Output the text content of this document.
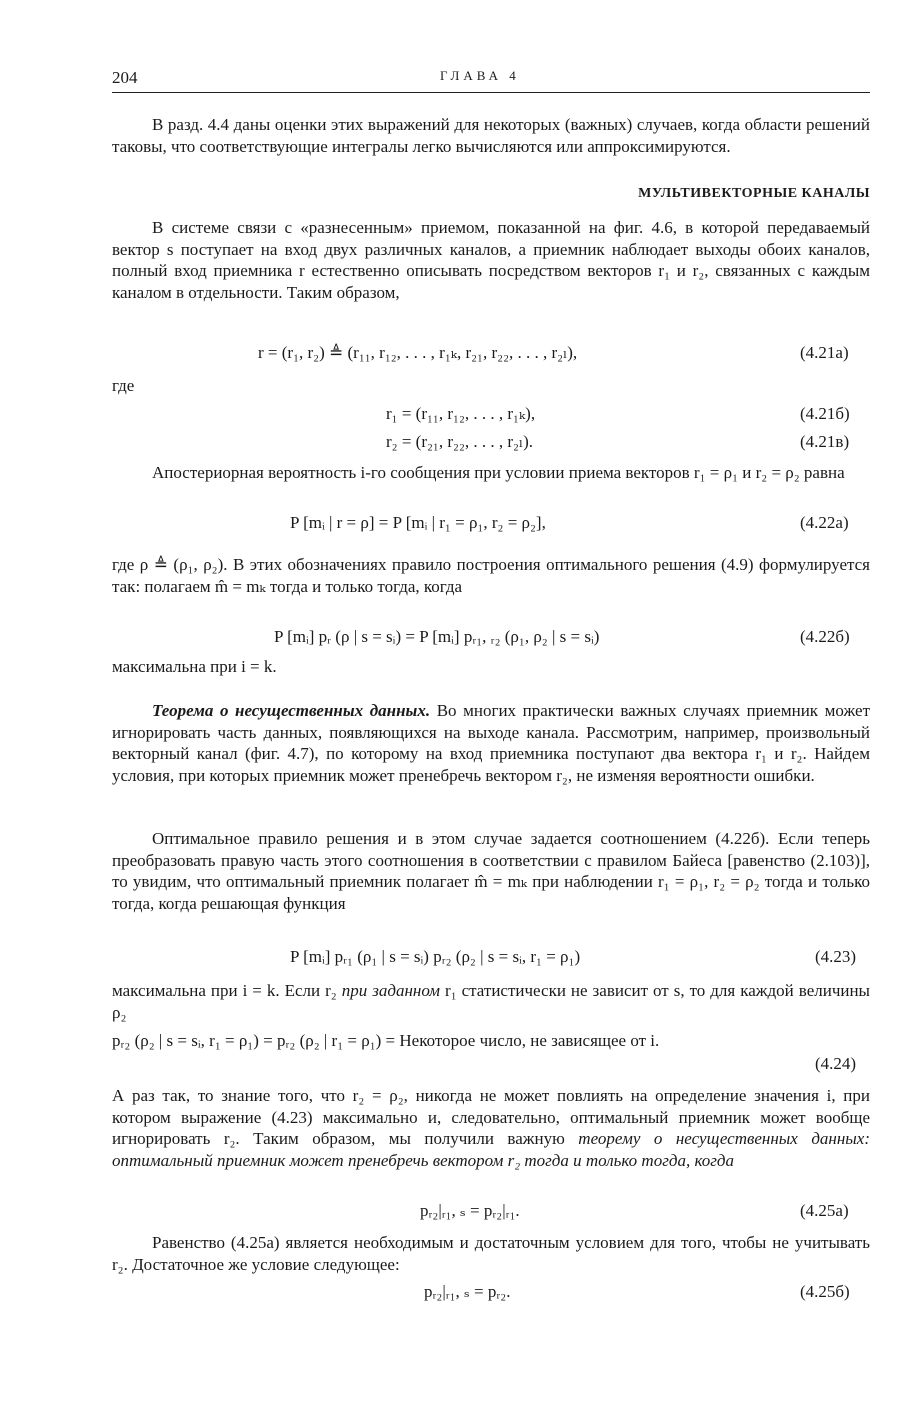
204	ГЛАВА 4
В разд. 4.4 даны оценки этих выражений для некоторых (важных) случаев, когда области решений таковы, что соответствующие интегралы легко вычисляются или аппроксимируются.
МУЛЬТИВЕКТОРНЫЕ КАНАЛЫ
В системе связи с «разнесенным» приемом, показанной на фиг. 4.6, в которой передаваемый вектор s поступает на вход двух различных каналов, а приемник наблюдает выходы обоих каналов, полный вход приемника r естественно описывать посредством векторов r₁ и r₂, связанных с каждым каналом в отдельности. Таким образом,
r = (r₁, r₂) ≜ (r₁₁, r₁₂, . . . , r₁ₖ, r₂₁, r₂₂, . . . , r₂ₗ),	(4.21а)
где
r₁ = (r₁₁, r₁₂, . . . , r₁ₖ),	(4.21б)
r₂ = (r₂₁, r₂₂, . . . , r₂ₗ).	(4.21в)
Апостериорная вероятность i-го сообщения при условии приема векторов r₁ = ρ₁ и r₂ = ρ₂ равна
P [mᵢ | r = ρ] = P [mᵢ | r₁ = ρ₁, r₂ = ρ₂],	(4.22а)
где ρ ≜ (ρ₁, ρ₂). В этих обозначениях правило построения оптимального решения (4.9) формулируется так: полагаем m̂ = mₖ тогда и только тогда, когда
P [mᵢ] pᵣ (ρ | s = sᵢ) = P [mᵢ] pᵣ₁, ᵣ₂ (ρ₁, ρ₂ | s = sᵢ)	(4.22б)
максимальна при i = k.
Теорема о несущественных данных. Во многих практически важных случаях приемник может игнорировать часть данных, появляющихся на выходе канала. Рассмотрим, например, произвольный векторный канал (фиг. 4.7), по которому на вход приемника поступают два вектора r₁ и r₂. Найдем условия, при которых приемник может пренебречь вектором r₂, не изменяя вероятности ошибки.
Оптимальное правило решения и в этом случае задается соотношением (4.22б). Если теперь преобразовать правую часть этого соотношения в соответствии с правилом Байеса [равенство (2.103)], то увидим, что оптимальный приемник полагает m̂ = mₖ при наблюдении r₁ = ρ₁, r₂ = ρ₂ тогда и только тогда, когда решающая функция
P [mᵢ] pᵣ₁ (ρ₁ | s = sᵢ) pᵣ₂ (ρ₂ | s = sᵢ, r₁ = ρ₁)	(4.23)
максимальна при i = k. Если r₂ при заданном r₁ статистически не зависит от s, то для каждой величины ρ₂
pᵣ₂ (ρ₂ | s = sᵢ, r₁ = ρ₁) = pᵣ₂ (ρ₂ | r₁ = ρ₁) = Некоторое число, не зависящее от i.
(4.24)
А раз так, то знание того, что r₂ = ρ₂, никогда не может повлиять на определение значения i, при котором выражение (4.23) максимально и, следовательно, оптимальный приемник может вообще игнорировать r₂. Таким образом, мы получили важную теорему о несущественных данных: оптимальный приемник может пренебречь вектором r₂ тогда и только тогда, когда
pᵣ₂|ᵣ₁, ₛ = pᵣ₂|ᵣ₁.	(4.25а)
Равенство (4.25а) является необходимым и достаточным условием для того, чтобы не учитывать r₂. Достаточное же условие следующее:
pᵣ₂|ᵣ₁, ₛ = pᵣ₂.	(4.25б)
